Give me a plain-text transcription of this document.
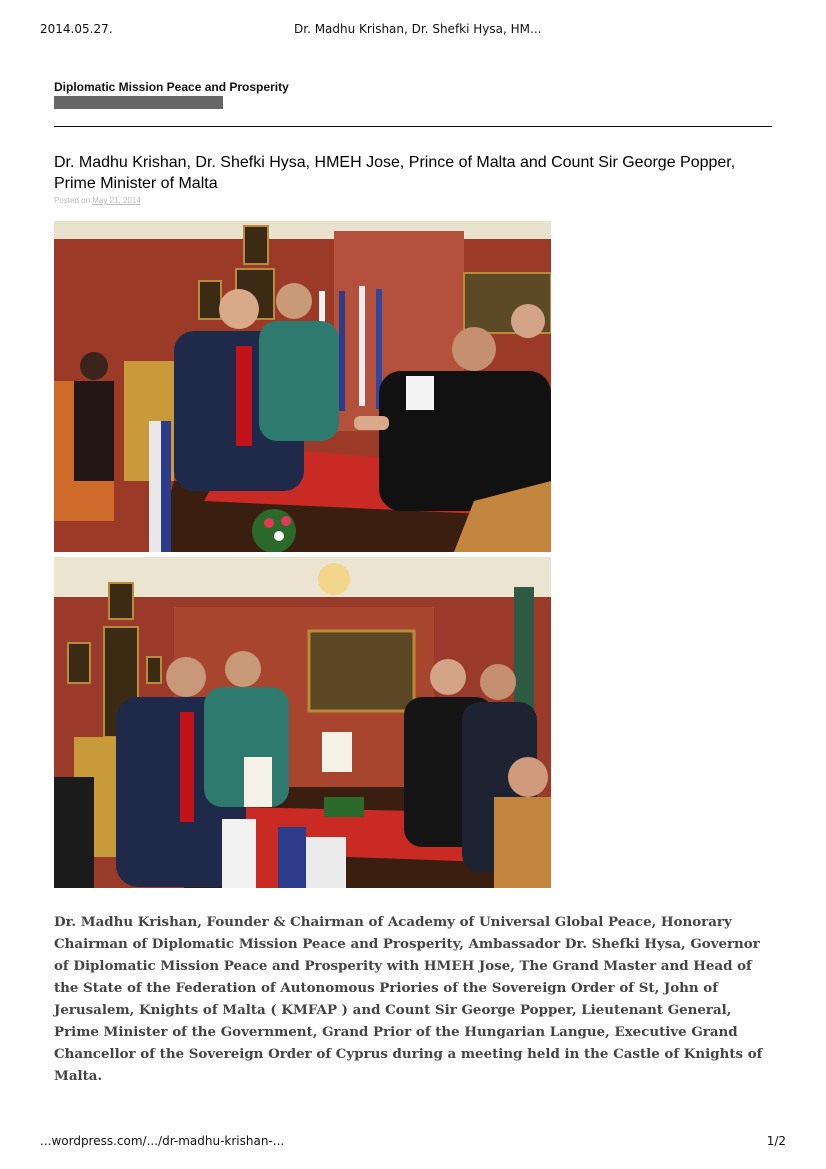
2014.05.27.	Dr. Madhu Krishan, Dr. Shefki Hysa, HM...
Diplomatic Mission Peace and Prosperity
Dr. Madhu Krishan, Dr. Shefki Hysa, HMEH Jose, Prince of Malta and Count Sir George Popper, Prime Minister of Malta
Posted on May 21, 2014

Dr. Madhu Krishan, Founder & Chairman of Academy of Universal Global Peace, Honorary Chairman of Diplomatic Mission Peace and Prosperity, Ambassador Dr. Shefki Hysa, Governor of Diplomatic Mission Peace and Prosperity with HMEH Jose, The Grand Master and Head of the State of the Federation of Autonomous Priories of the Sovereign Order of St, John of Jerusalem, Knights of Malta ( KMFAP ) and Count Sir George Popper, Lieutenant General, Prime Minister of the Government, Grand Prior of the Hungarian Langue, Executive Grand Chancellor of the Sovereign Order of Cyprus during a meeting held in the Castle of Knights of Malta.

...wordpress.com/.../dr-madhu-krishan-...	1/2
